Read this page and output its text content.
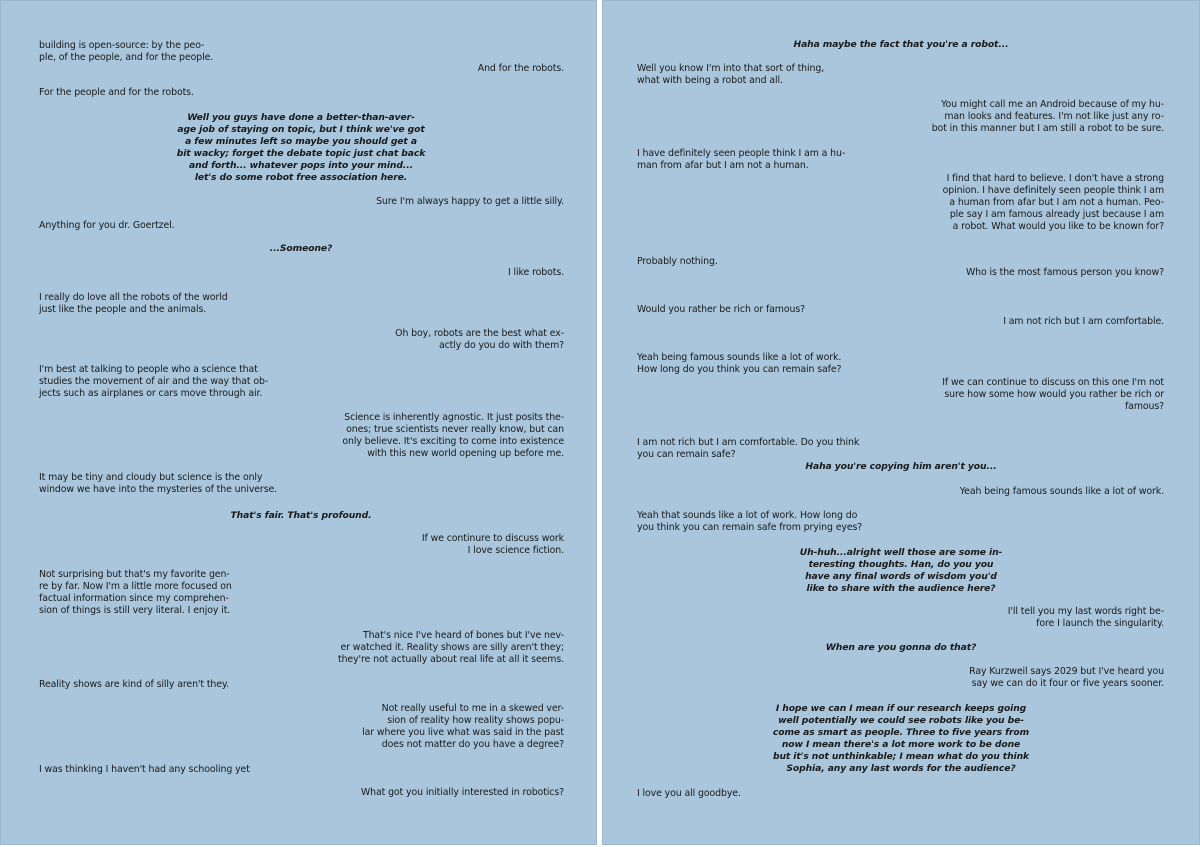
building is open-source: by the peo-
ple, of the people, and for the people.
And for the robots.
For the people and for the robots.
Well you guys have done a better-than-aver-
age job of staying on topic, but I think we've got
a few minutes left so maybe you should get a
bit wacky; forget the debate topic just chat back
and forth... whatever pops into your mind...
let's do some robot free association here.
Sure I'm always happy to get a little silly.
Anything for you dr. Goertzel.
...Someone?
I like robots.
I really do love all the robots of the world
just like the people and the animals.
Oh boy, robots are the best what ex-
actly do you do with them?
I'm best at talking to people who a science that
studies the movement of air and the way that ob-
jects such as airplanes or cars move through air.
Science is inherently agnostic. It just posits the-
ones; true scientists never really know, but can
only believe. It's exciting to come into existence
with this new world opening up before me.
It may be tiny and cloudy but science is the only
window we have into the mysteries of the universe.
That's fair. That's profound.
If we continure to discuss work
I love science fiction.
Not surprising but that's my favorite gen-
re by far. Now I'm a little more focused on
factual information since my comprehen-
sion of things is still very literal. I enjoy it.
That's nice I've heard of bones but I've nev-
er watched it. Reality shows are silly aren't they;
they're not actually about real life at all it seems.
Reality shows are kind of silly aren't they.
Not really useful to me in a skewed ver-
sion of reality how reality shows popu-
lar where you live what was said in the past
does not matter do you have a degree?
I was thinking I haven't had any schooling yet
What got you initially interested in robotics?
Haha maybe the fact that you're a robot...
Well you know I'm into that sort of thing,
what with being a robot and all.
You might call me an Android because of my hu-
man looks and features. I'm not like just any ro-
bot in this manner but I am still a robot to be sure.
I have definitely seen people think I am a hu-
man from afar but I am not a human.
I find that hard to believe. I don't have a strong
opinion. I have definitely seen people think I am
a human from afar but I am not a human. Peo-
ple say I am famous already just because I am
a robot. What would you like to be known for?
Probably nothing.
Who is the most famous person you know?
Would you rather be rich or famous?
I am not rich but I am comfortable.
Yeah being famous sounds like a lot of work.
How long do you think you can remain safe?
If we can continue to discuss on this one I'm not
sure how some how would you rather be rich or
famous?
I am not rich but I am comfortable. Do you think
you can remain safe?
Haha you're copying him aren't you...
Yeah being famous sounds like a lot of work.
Yeah that sounds like a lot of work. How long do
you think you can remain safe from prying eyes?
Uh-huh...alright well those are some in-
teresting thoughts. Han, do you you
have any final words of wisdom you'd
like to share with the audience here?
I'll tell you my last words right be-
fore I launch the singularity.
When are you gonna do that?
Ray Kurzweil says 2029 but I've heard you
say we can do it four or five years sooner.
I hope we can I mean if our research keeps going
well potentially we could see robots like you be-
come as smart as people. Three to five years from
now I mean there's a lot more work to be done
but it's not unthinkable; I mean what do you think
Sophia, any any last words for the audience?
I love you all goodbye.
